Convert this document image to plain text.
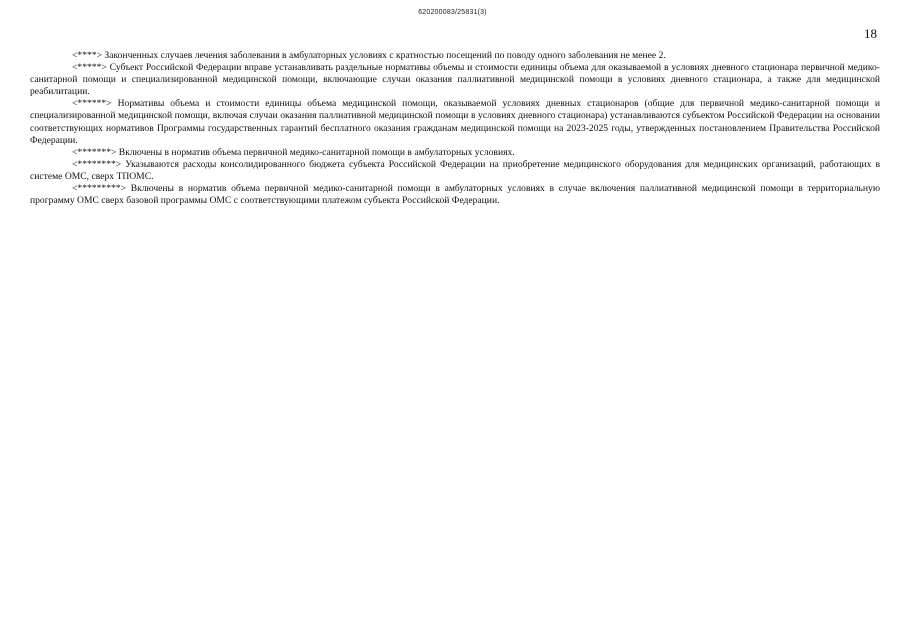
620200083/25831(3)
18

<****> Законченных случаев лечения заболевания в амбулаторных условиях с кратностью посещений по поводу одного заболевания не менее 2.

<*****> Субъект Российской Федерации вправе устанавливать раздельные нормативы объемы и стоимости единицы объема для оказываемой в условиях дневного стационара первичной медико-санитарной помощи и специализированной медицинской помощи, включающие случаи оказания паллиативной медицинской помощи в условиях дневного стационара, а также для медицинской реабилитации.

<******> Нормативы объема и стоимости единицы объема медицинской помощи, оказываемой условиях дневных стационаров (общие для первичной медико-санитарной помощи и специализированной медицинской помощи, включая случаи оказания паллиативной медицинской помощи в условиях дневного стационара) устанавливаются субъектом Российской Федерации на основании соответствующих нормативов Программы государственных гарантий бесплатного оказания гражданам медицинской помощи на 2023-2025 годы, утвержденных постановлением Правительства Российской Федерации.

<*******> Включены в норматив объема первичной медико-санитарной помощи в амбулаторных условиях.

<********> Указываются расходы консолидированного бюджета субъекта Российской Федерации на приобретение медицинского оборудования для медицинских организаций, работающих в системе ОМС, сверх ТПОМС.

<*********> Включены в норматив объема первичной медико-санитарной помощи в амбулаторных условиях в случае включения паллиативной медицинской помощи в территориальную программу ОМС сверх базовой программы ОМС с соответствующими платежом субъекта Российской Федерации.
